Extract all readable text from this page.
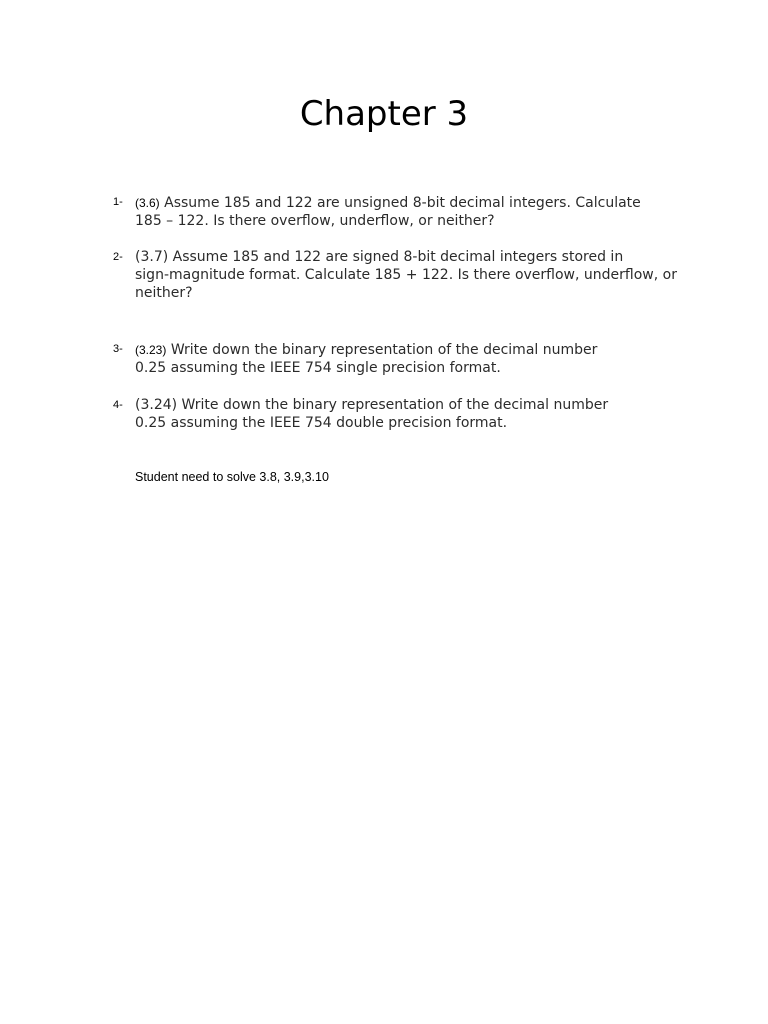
Chapter 3
1- (3.6) Assume 185 and 122 are unsigned 8-bit decimal integers. Calculate
185 – 122. Is there overflow, underflow, or neither?
2- (3.7) Assume 185 and 122 are signed 8-bit decimal integers stored in
sign-magnitude format. Calculate 185 + 122. Is there overflow, underflow, or
neither?
3- (3.23) Write down the binary representation of the decimal number
0.25 assuming the IEEE 754 single precision format.
4- (3.24) Write down the binary representation of the decimal number
0.25 assuming the IEEE 754 double precision format.
Student need to solve 3.8, 3.9,3.10
